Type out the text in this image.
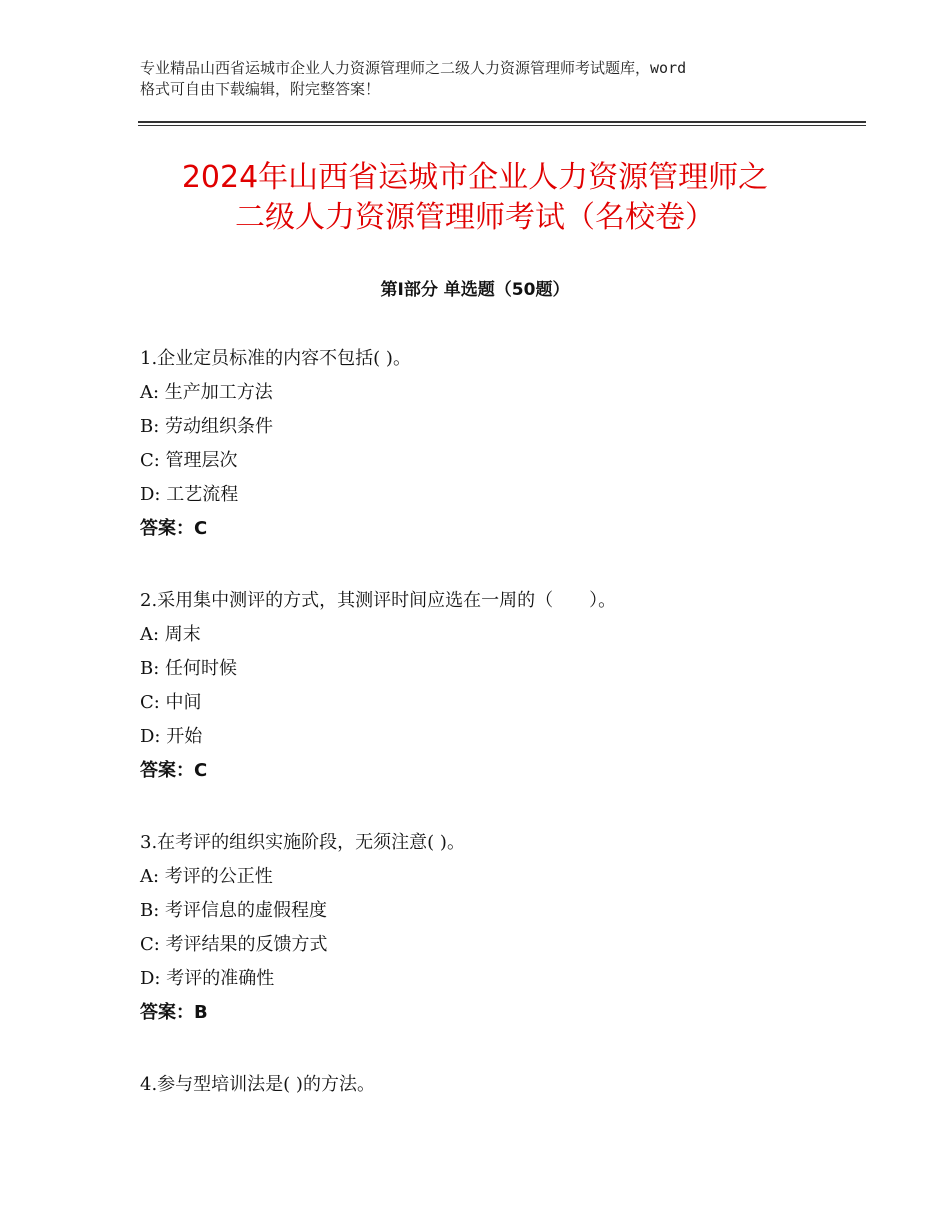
专业精品山西省运城市企业人力资源管理师之二级人力资源管理师考试题库，word
格式可自由下载编辑，附完整答案！
2024年山西省运城市企业人力资源管理师之
二级人力资源管理师考试（名校卷）
第Ⅰ部分 单选题（50题）
1.企业定员标准的内容不包括( )。
A: 生产加工方法
B: 劳动组织条件
C: 管理层次
D: 工艺流程
答案：C
2.采用集中测评的方式，其测评时间应选在一周的（　　）。
A: 周末
B: 任何时候
C: 中间
D: 开始
答案：C
3.在考评的组织实施阶段，无须注意( )。
A: 考评的公正性
B: 考评信息的虚假程度
C: 考评结果的反馈方式
D: 考评的准确性
答案：B
4.参与型培训法是( )的方法。
